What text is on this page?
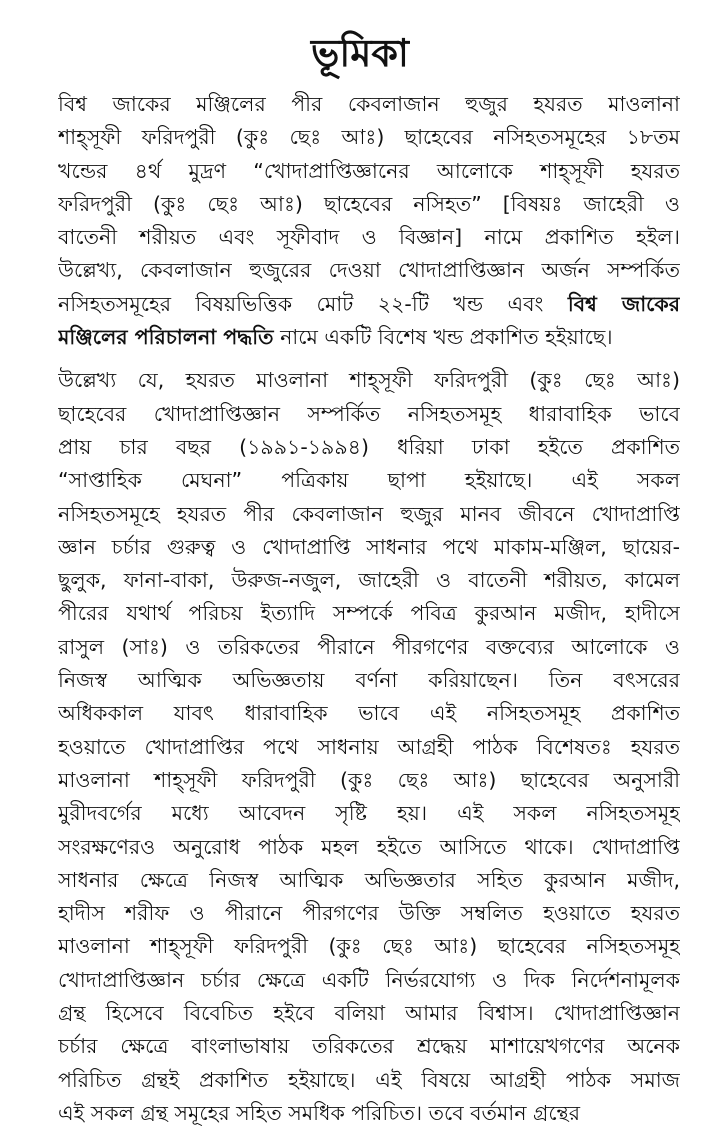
ভূমিকা
বিশ্ব জাকের মঞ্জিলের পীর কেবলাজান হুজুর হযরত মাওলানা
শাহ্‌সূফী ফরিদপুরী (কুঃ ছেঃ আঃ) ছাহেবের নসিহতসমূহের ১৮তম
খন্ডের ৪র্থ মুদ্রণ “খোদাপ্রাপ্তিজ্ঞানের আলোকে শাহ্‌সূফী হযরত
ফরিদপুরী (কুঃ ছেঃ আঃ) ছাহেবের নসিহত” [বিষয়ঃ জাহেরী ও
বাতেনী শরীয়ত এবং সূফীবাদ ও বিজ্ঞান] নামে প্রকাশিত হইল।
উল্লেখ্য, কেবলাজান হুজুরের দেওয়া খোদাপ্রাপ্তিজ্ঞান অর্জন সম্পর্কিত
নসিহতসমূহের বিষয়ভিত্তিক মোট ২২-টি খন্ড এবং বিশ্ব জাকের
মঞ্জিলের পরিচালনা পদ্ধতি নামে একটি বিশেষ খন্ড প্রকাশিত হইয়াছে।
উল্লেখ্য যে, হযরত মাওলানা শাহ্‌সূফী ফরিদপুরী (কুঃ ছেঃ আঃ)
ছাহেবের খোদাপ্রাপ্তিজ্ঞান সম্পর্কিত নসিহতসমূহ ধারাবাহিক ভাবে
প্রায় চার বছর (১৯৯১-১৯৯৪) ধরিয়া ঢাকা হইতে প্রকাশিত
“সাপ্তাহিক মেঘনা” পত্রিকায় ছাপা হইয়াছে। এই সকল
নসিহতসমূহে হযরত পীর কেবলাজান হুজুর মানব জীবনে খোদাপ্রাপ্তি
জ্ঞান চর্চার গুরুত্ব ও খোদাপ্রাপ্তি সাধনার পথে মাকাম-মঞ্জিল, ছায়ের-
ছুলুক, ফানা-বাকা, উরুজ-নজুল, জাহেরী ও বাতেনী শরীয়ত, কামেল
পীরের যথার্থ পরিচয় ইত্যাদি সম্পর্কে পবিত্র কুরআন মজীদ, হাদীসে
রাসুল (সাঃ) ও তরিকতের পীরানে পীরগণের বক্তব্যের আলোকে ও
নিজস্ব আত্মিক অভিজ্ঞতায় বর্ণনা করিয়াছেন। তিন বৎসরের
অধিককাল যাবৎ ধারাবাহিক ভাবে এই নসিহতসমূহ প্রকাশিত
হওয়াতে খোদাপ্রাপ্তির পথে সাধনায় আগ্রহী পাঠক বিশেষতঃ হযরত
মাওলানা শাহ্‌সূফী ফরিদপুরী (কুঃ ছেঃ আঃ) ছাহেবের অনুসারী
মুরীদবর্গের মধ্যে আবেদন সৃষ্টি হয়। এই সকল নসিহতসমূহ
সংরক্ষণেরও অনুরোধ পাঠক মহল হইতে আসিতে থাকে। খোদাপ্রাপ্তি
সাধনার ক্ষেত্রে নিজস্ব আত্মিক অভিজ্ঞতার সহিত কুরআন মজীদ,
হাদীস শরীফ ও পীরানে পীরগণের উক্তি সম্বলিত হওয়াতে হযরত
মাওলানা শাহ্‌সূফী ফরিদপুরী (কুঃ ছেঃ আঃ) ছাহেবের নসিহতসমূহ
খোদাপ্রাপ্তিজ্ঞান চর্চার ক্ষেত্রে একটি নির্ভরযোগ্য ও দিক নির্দেশনামূলক
গ্রন্থ হিসেবে বিবেচিত হইবে বলিয়া আমার বিশ্বাস। খোদাপ্রাপ্তিজ্ঞান
চর্চার ক্ষেত্রে বাংলাভাষায় তরিকতের শ্রদ্ধেয় মাশায়েখগণের অনেক
পরিচিত গ্রন্থই প্রকাশিত হইয়াছে। এই বিষয়ে আগ্রহী পাঠক সমাজ
এই সকল গ্রন্থ সমূহের সহিত সমধিক পরিচিত। তবে বর্তমান গ্রন্থের
